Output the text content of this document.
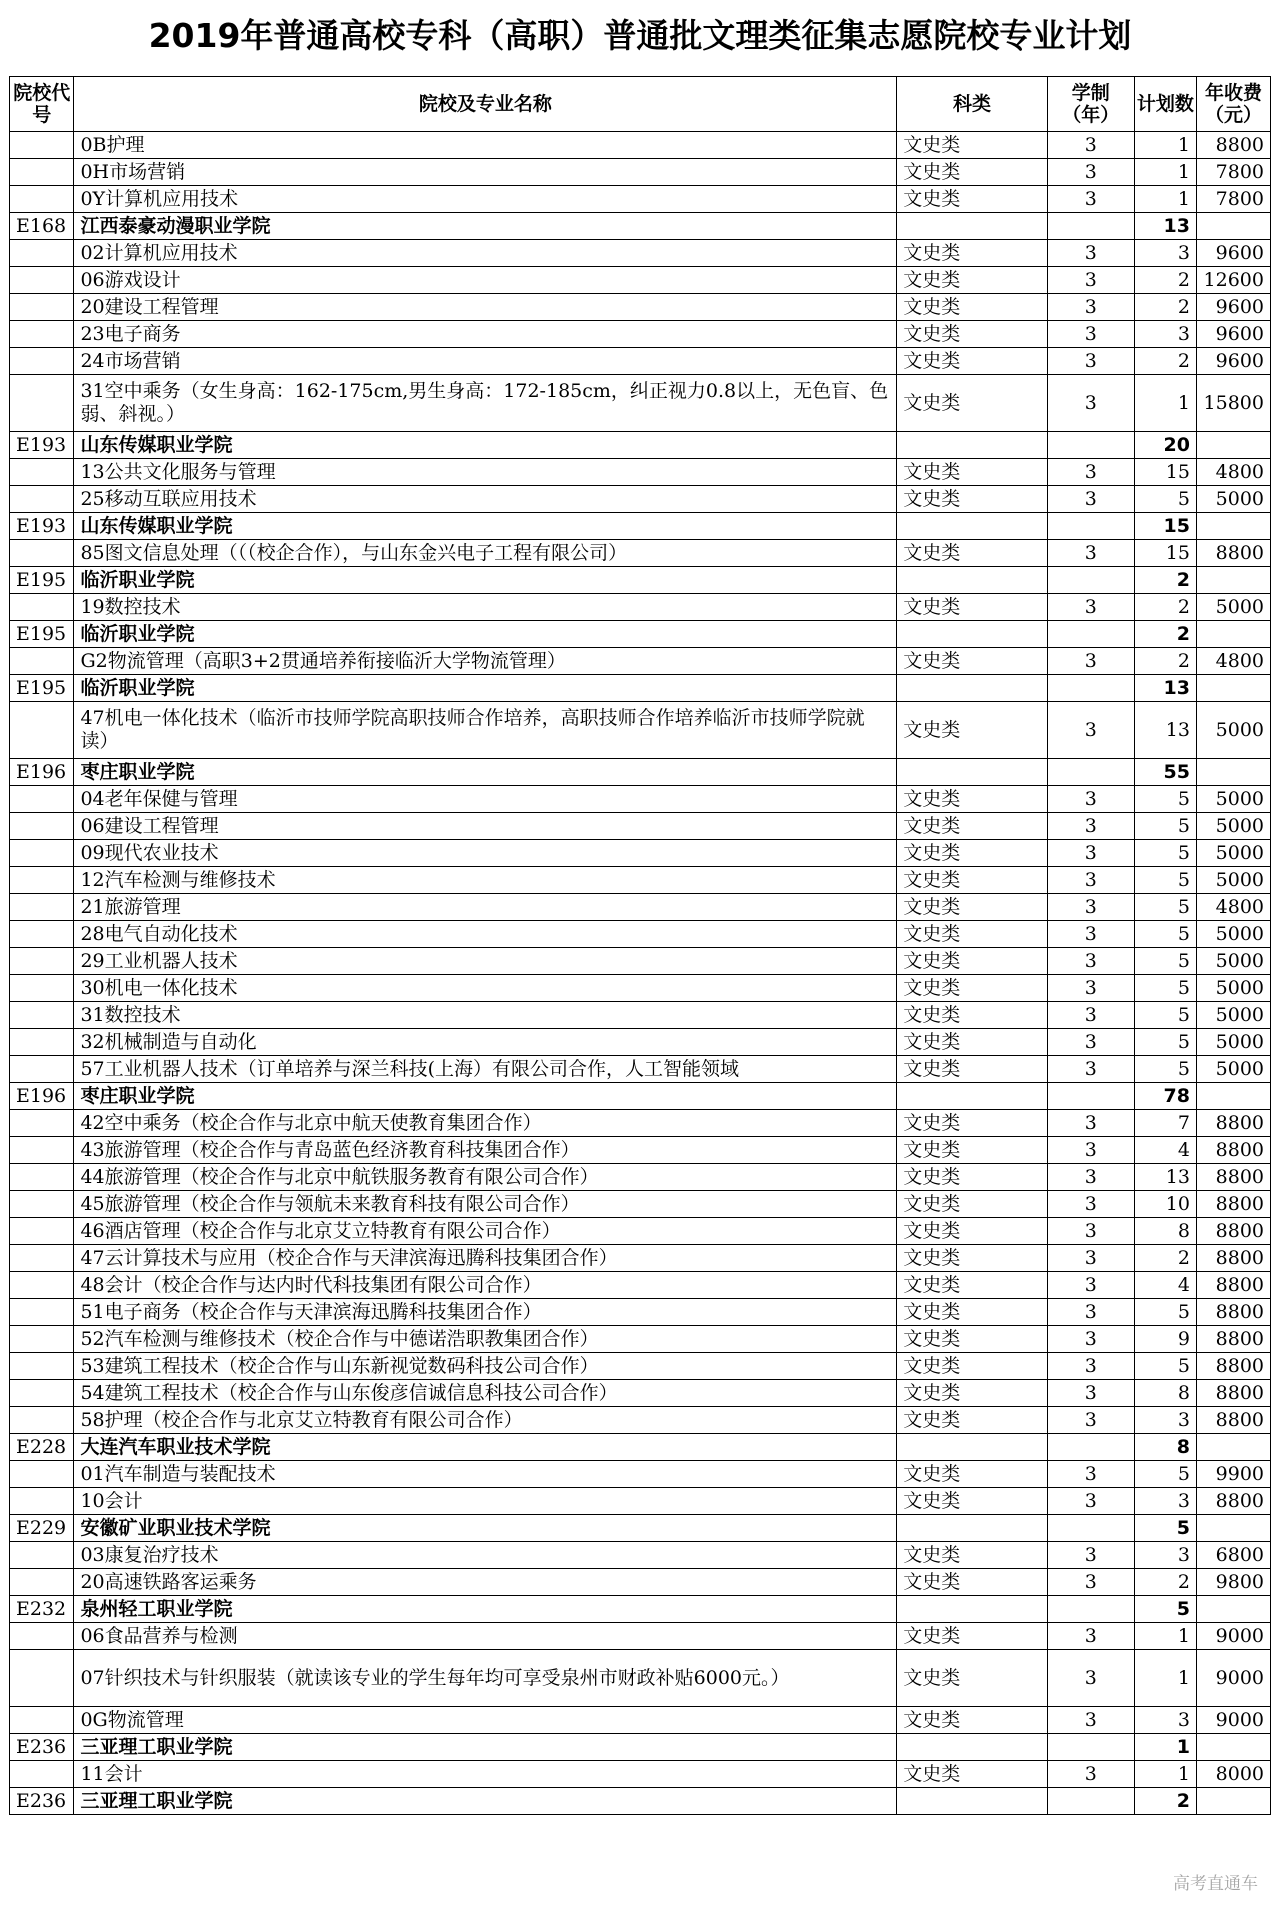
2019年普通高校专科（高职）普通批文理类征集志愿院校专业计划
院校代号	院校及专业名称	科类	学制（年）	计划数	年收费（元）
	0B护理	文史类	3	1	8800
	0H市场营销	文史类	3	1	7800
	0Y计算机应用技术	文史类	3	1	7800
E168	江西泰豪动漫职业学院			13	
	02计算机应用技术	文史类	3	3	9600
	06游戏设计	文史类	3	2	12600
	20建设工程管理	文史类	3	2	9600
	23电子商务	文史类	3	3	9600
	24市场营销	文史类	3	2	9600
	31空中乘务（女生身高：162-175cm,男生身高：172-185cm，纠正视力0.8以上，无色盲、色弱、斜视。）	文史类	3	1	15800
E193	山东传媒职业学院			20	
	13公共文化服务与管理	文史类	3	15	4800
	25移动互联应用技术	文史类	3	5	5000
E193	山东传媒职业学院			15	
	85图文信息处理（（（校企合作），与山东金兴电子工程有限公司）	文史类	3	15	8800
E195	临沂职业学院			2	
	19数控技术	文史类	3	2	5000
E195	临沂职业学院			2	
	G2物流管理（高职3+2贯通培养衔接临沂大学物流管理）	文史类	3	2	4800
E195	临沂职业学院			13	
	47机电一体化技术（临沂市技师学院高职技师合作培养，高职技师合作培养临沂市技师学院就读）	文史类	3	13	5000
E196	枣庄职业学院			55	
	04老年保健与管理	文史类	3	5	5000
	06建设工程管理	文史类	3	5	5000
	09现代农业技术	文史类	3	5	5000
	12汽车检测与维修技术	文史类	3	5	5000
	21旅游管理	文史类	3	5	4800
	28电气自动化技术	文史类	3	5	5000
	29工业机器人技术	文史类	3	5	5000
	30机电一体化技术	文史类	3	5	5000
	31数控技术	文史类	3	5	5000
	32机械制造与自动化	文史类	3	5	5000
	57工业机器人技术（订单培养与深兰科技(上海）有限公司合作，人工智能领域	文史类	3	5	5000
E196	枣庄职业学院			78	
	42空中乘务（校企合作与北京中航天使教育集团合作）	文史类	3	7	8800
	43旅游管理（校企合作与青岛蓝色经济教育科技集团合作）	文史类	3	4	8800
	44旅游管理（校企合作与北京中航铁服务教育有限公司合作）	文史类	3	13	8800
	45旅游管理（校企合作与领航未来教育科技有限公司合作）	文史类	3	10	8800
	46酒店管理（校企合作与北京艾立特教育有限公司合作）	文史类	3	8	8800
	47云计算技术与应用（校企合作与天津滨海迅腾科技集团合作）	文史类	3	2	8800
	48会计（校企合作与达内时代科技集团有限公司合作）	文史类	3	4	8800
	51电子商务（校企合作与天津滨海迅腾科技集团合作）	文史类	3	5	8800
	52汽车检测与维修技术（校企合作与中德诺浩职教集团合作）	文史类	3	9	8800
	53建筑工程技术（校企合作与山东新视觉数码科技公司合作）	文史类	3	5	8800
	54建筑工程技术（校企合作与山东俊彦信诚信息科技公司合作）	文史类	3	8	8800
	58护理（校企合作与北京艾立特教育有限公司合作）	文史类	3	3	8800
E228	大连汽车职业技术学院			8	
	01汽车制造与装配技术	文史类	3	5	9900
	10会计	文史类	3	3	8800
E229	安徽矿业职业技术学院			5	
	03康复治疗技术	文史类	3	3	6800
	20高速铁路客运乘务	文史类	3	2	9800
E232	泉州轻工职业学院			5	
	06食品营养与检测	文史类	3	1	9000
	07针织技术与针织服装（就读该专业的学生每年均可享受泉州市财政补贴6000元。）	文史类	3	1	9000
	0G物流管理	文史类	3	3	9000
E236	三亚理工职业学院			1	
	11会计	文史类	3	1	8000
E236	三亚理工职业学院			2	
高考直通车
